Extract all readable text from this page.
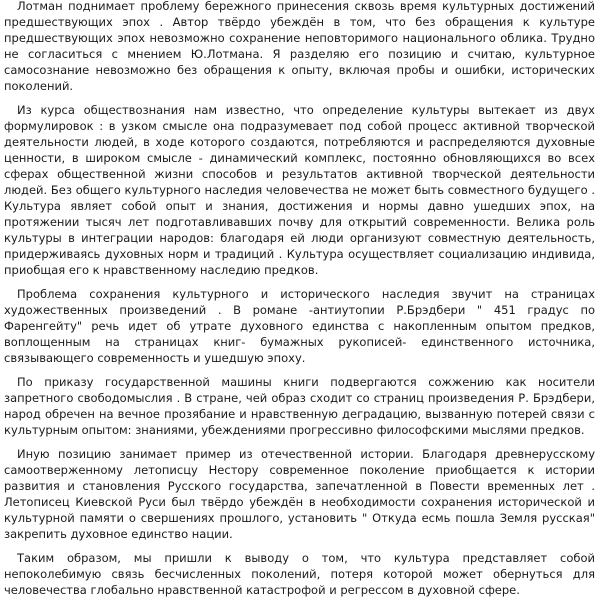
Лотман поднимает проблему бережного принесения сквозь время культурных достижений предшествующих эпох . Автор твёрдо убеждён в том, что без обращения к культуре предшествующих эпох невозможно сохранение неповторимого национального облика. Трудно не согласиться с мнением Ю.Лотмана. Я разделяю его позицию и считаю, культурное самосознание невозможно без обращения к опыту, включая пробы и ошибки, исторических поколений.

Из курса обществознания нам известно, что определение культуры вытекает из двух формулировок : в узком смысле она подразумевает под собой процесс активной творческой деятельности людей, в ходе которого создаются, потребляются и распределяются духовные ценности, в широком смысле - динамический комплекс, постоянно обновляющихся во всех сферах общественной жизни способов и результатов активной творческой деятельности людей. Без общего культурного наследия человечества не может быть совместного будущего . Культура являет собой опыт и знания, достижения и нормы давно ушедших эпох, на протяжении тысяч лет подготавливавших почву для открытий современности. Велика роль культуры в интеграции народов: благодаря ей люди организуют совместную деятельность, придерживаясь духовных норм и традиций . Культура осуществляет социализацию индивида, приобщая его к нравственному наследию предков.

Проблема сохранения культурного и исторического наследия звучит на страницах художественных произведений . В романе -антиутопии Р.Брэдбери " 451 градус по Фаренгейту" речь идет об утрате духовного единства с накопленным опытом предков, воплощенным на страницах книг- бумажных рукописей- единственного источника, связывающего современность и ушедшую эпоху.

По приказу государственной машины книги подвергаются сожжению как носители запретного свободомыслия . В стране, чей образ сходит со страниц произведения Р. Брэдбери, народ обречен на вечное прозябание и нравственную деградацию, вызванную потерей связи с культурным опытом: знаниями, убеждениями прогрессивно философскими мыслями предков.

Иную позицию занимает пример из отечественной истории. Благодаря древнерусскому самоотверженному летописцу Нестору современное поколение приобщается к истории развития и становления Русского государства, запечатленной в Повести временных лет . Летописец Киевской Руси был твёрдо убеждён в необходимости сохранения исторической и культурной памяти о свершениях прошлого, установить " Откуда есмь пошла Земля русская" закрепить духовное единство нации.

Таким образом, мы пришли к выводу о том, что культура представляет собой непоколебимую связь бесчисленных поколений, потеря которой может обернуться для человечества глобально нравственной катастрофой и регрессом в духовной сфере.
